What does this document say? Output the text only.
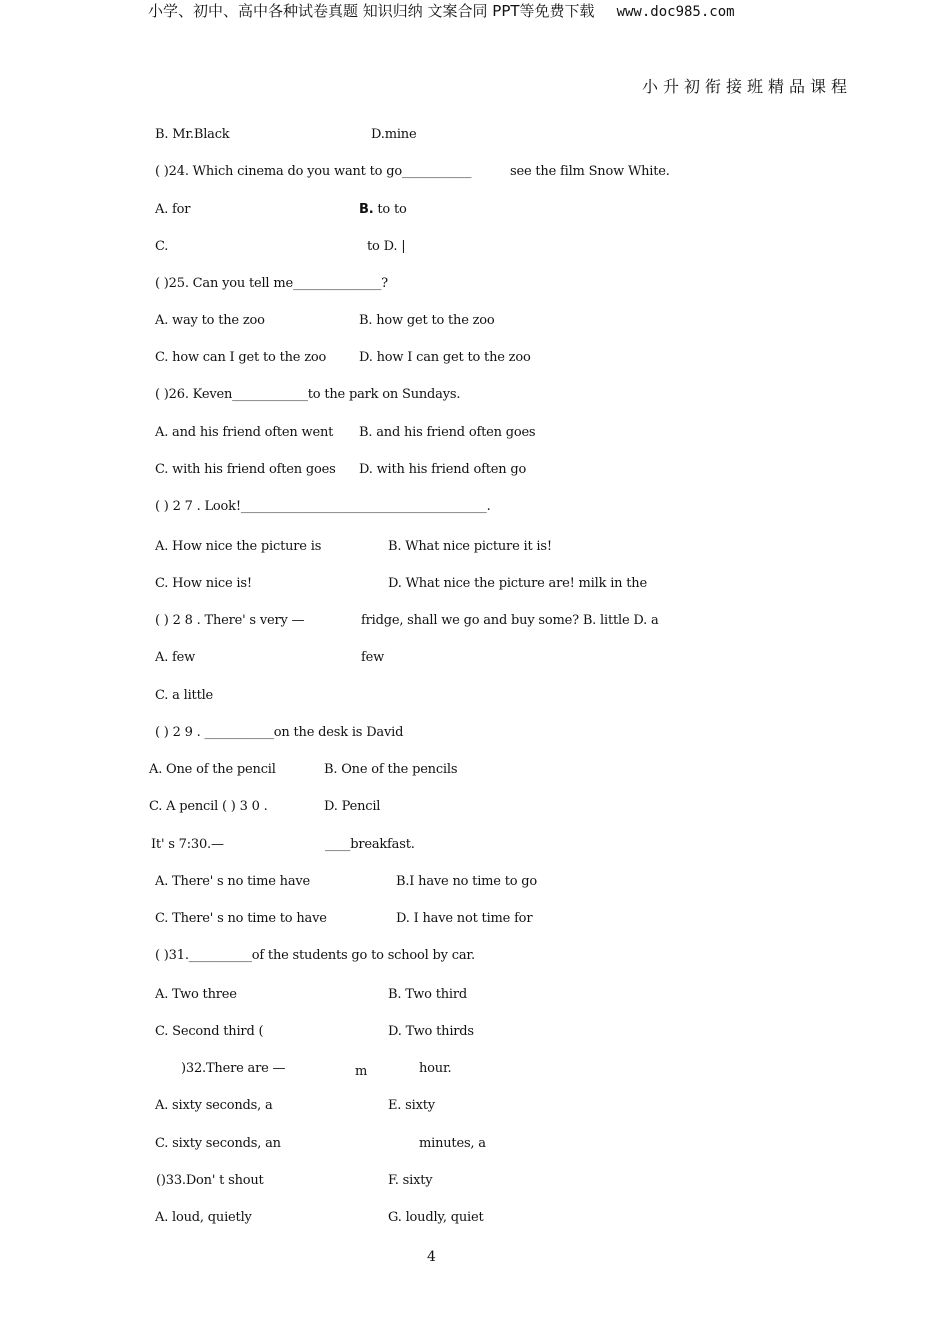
小学、初中、高中各种试卷真题 知识归纳 文案合同 PPT等免费下载 www.doc985.com
小升初衔接班精品课程
B. Mr.Black	D.mine
( )24. Which cinema do you want to go___________	see the film Snow White.
A. for	B. to to
C.	to D. |
( )25. Can you tell me______________?
A. way to the zoo	B. how get to the zoo
C. how can I get to the zoo	D. how I can get to the zoo
( )26. Keven____________to the park on Sundays.
A. and his friend often went B. and his friend often goes
C. with his friend often goes D. with his friend often go
( ) 2 7 . Look!_______________________________________.
A. How nice the picture is	B. What nice picture it is!
C. How nice is!	D. What nice the picture are! milk in the
( ) 2 8 . There' s very —	fridge, shall we go and buy some? B. little D. a
A. few	few
C. a little
( ) 2 9 . ___________on the desk is David
A. One of the pencil	B. One of the pencils
C. A pencil ( ) 3 0 .	D. Pencil
It' s 7:30.—	____breakfast.
A. There' s no time have	B.I have no time to go
C. There' s no time to have	D. I have not time for
( )31.__________of the students go to school by car.
A. Two three	B. Two third
C. Second third (	D. Two thirds
)32.There are —	m	hour.
A. sixty seconds, a	E. sixty
C. sixty seconds, an	minutes, a
()33.Don' t shout	F. sixty
A. loud, quietly	G. loudly, quiet
4
